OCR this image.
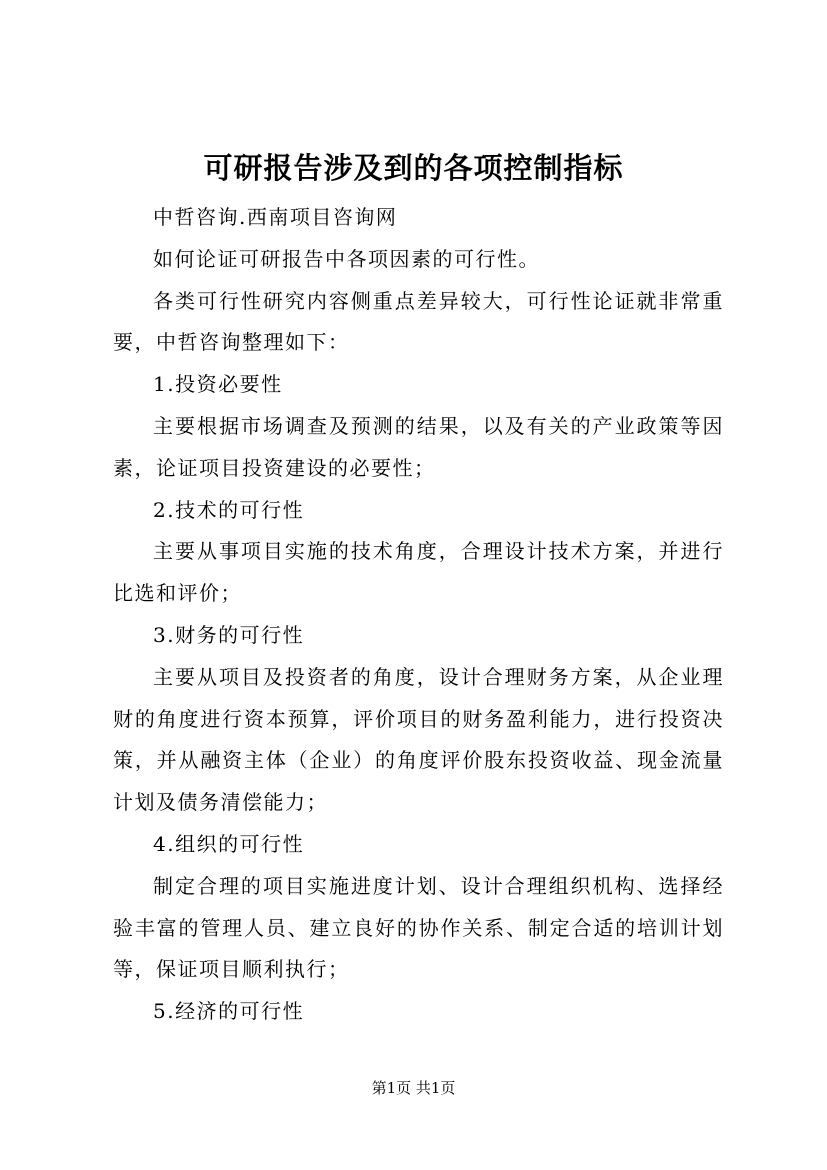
可研报告涉及到的各项控制指标

中哲咨询.西南项目咨询网

如何论证可研报告中各项因素的可行性。

各类可行性研究内容侧重点差异较大，可行性论证就非常重要，中哲咨询整理如下：

1.投资必要性

主要根据市场调查及预测的结果，以及有关的产业政策等因素，论证项目投资建设的必要性；

2.技术的可行性

主要从事项目实施的技术角度，合理设计技术方案，并进行比选和评价；

3.财务的可行性

主要从项目及投资者的角度，设计合理财务方案，从企业理财的角度进行资本预算，评价项目的财务盈利能力，进行投资决策，并从融资主体（企业）的角度评价股东投资收益、现金流量计划及债务清偿能力；

4.组织的可行性

制定合理的项目实施进度计划、设计合理组织机构、选择经验丰富的管理人员、建立良好的协作关系、制定合适的培训计划等，保证项目顺利执行；

5.经济的可行性

第1页 共1页
